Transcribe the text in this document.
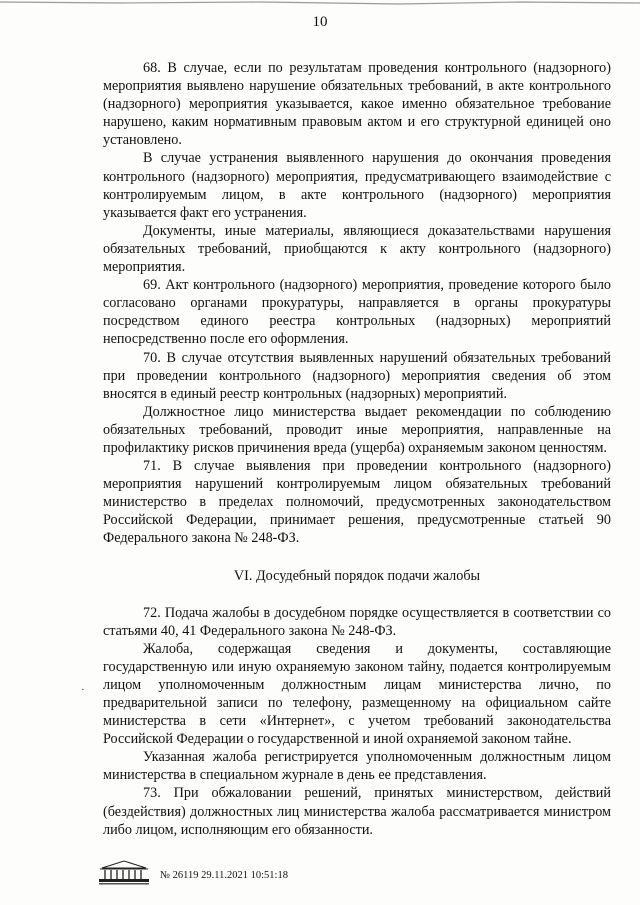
10

68. В случае, если по результатам проведения контрольного (надзорного) мероприятия выявлено нарушение обязательных требований, в акте контрольного (надзорного) мероприятия указывается, какое именно обязательное требование нарушено, каким нормативным правовым актом и его структурной единицей оно установлено.

В случае устранения выявленного нарушения до окончания проведения контрольного (надзорного) мероприятия, предусматривающего взаимодействие с контролируемым лицом, в акте контрольного (надзорного) мероприятия указывается факт его устранения.

Документы, иные материалы, являющиеся доказательствами нарушения обязательных требований, приобщаются к акту контрольного (надзорного) мероприятия.

69. Акт контрольного (надзорного) мероприятия, проведение которого было согласовано органами прокуратуры, направляется в органы прокуратуры посредством единого реестра контрольных (надзорных) мероприятий непосредственно после его оформления.

70. В случае отсутствия выявленных нарушений обязательных требований при проведении контрольного (надзорного) мероприятия сведения об этом вносятся в единый реестр контрольных (надзорных) мероприятий.

Должностное лицо министерства выдает рекомендации по соблюдению обязательных требований, проводит иные мероприятия, направленные на профилактику рисков причинения вреда (ущерба) охраняемым законом ценностям.

71. В случае выявления при проведении контрольного (надзорного) мероприятия нарушений контролируемым лицом обязательных требований министерство в пределах полномочий, предусмотренных законодательством Российской Федерации, принимает решения, предусмотренные статьей 90 Федерального закона № 248-ФЗ.

VI. Досудебный порядок подачи жалобы

72. Подача жалобы в досудебном порядке осуществляется в соответствии со статьями 40, 41 Федерального закона № 248-ФЗ.

Жалоба, содержащая сведения и документы, составляющие государственную или иную охраняемую законом тайну, подается контролируемым лицом уполномоченным должностным лицам министерства лично, по предварительной записи по телефону, размещенному на официальном сайте министерства в сети «Интернет», с учетом требований законодательства Российской Федерации о государственной и иной охраняемой законом тайне.

Указанная жалоба регистрируется уполномоченным должностным лицом министерства в специальном журнале в день ее представления.

73. При обжаловании решений, принятых министерством, действий (бездействия) должностных лиц министерства жалоба рассматривается министром либо лицом, исполняющим его обязанности.

·
№ 26119 29.11.2021 10:51:18
